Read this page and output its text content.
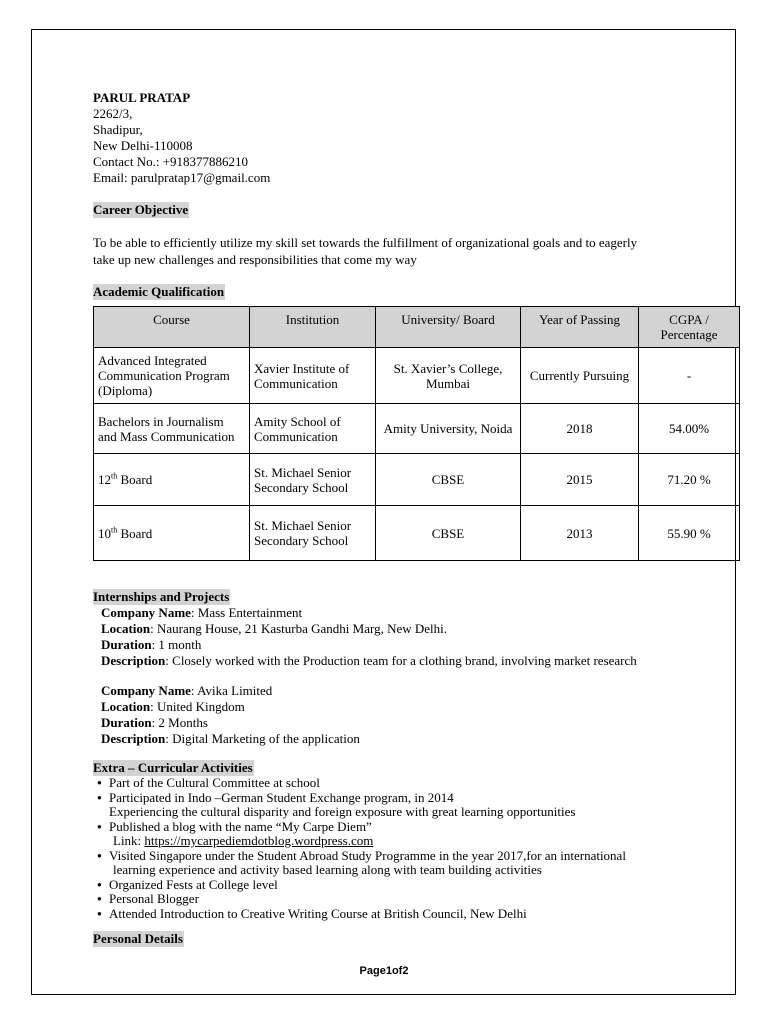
PARUL PRATAP
2262/3,
Shadipur,
New Delhi-110008
Contact No.: +918377886210
Email: parulpratap17@gmail.com
Career Objective
To be able to efficiently utilize my skill set towards the fulfillment of organizational goals and to eagerly
take up new challenges and responsibilities that come my way
Academic Qualification
Course	Institution	University/ Board	Year of Passing	CGPA /
Percentage
Advanced Integrated Communication Program (Diploma)	Xavier Institute of Communication	St. Xavier’s College, Mumbai	Currently Pursuing	-
Bachelors in Journalism and Mass Communication	Amity School of Communication	Amity University, Noida	2018	54.00%
12th Board	St. Michael Senior Secondary School	CBSE	2015	71.20 %
10th Board	St. Michael Senior Secondary School	CBSE	2013	55.90 %
Internships and Projects
Company Name: Mass Entertainment
Location: Naurang House, 21 Kasturba Gandhi Marg, New Delhi.
Duration: 1 month
Description: Closely worked with the Production team for a clothing brand, involving market research
Company Name: Avika Limited
Location: United Kingdom
Duration: 2 Months
Description: Digital Marketing of the application
Extra – Curricular Activities
● Part of the Cultural Committee at school
● Participated in Indo –German Student Exchange program, in 2014
Experiencing the cultural disparity and foreign exposure with great learning opportunities
● Published a blog with the name “My Carpe Diem”
Link: https://mycarpediemdotblog.wordpress.com
● Visited Singapore under the Student Abroad Study Programme in the year 2017,for an international
learning experience and activity based learning along with team building activities
● Organized Fests at College level
● Personal Blogger
● Attended Introduction to Creative Writing Course at British Council, New Delhi
Personal Details
Page1of2
